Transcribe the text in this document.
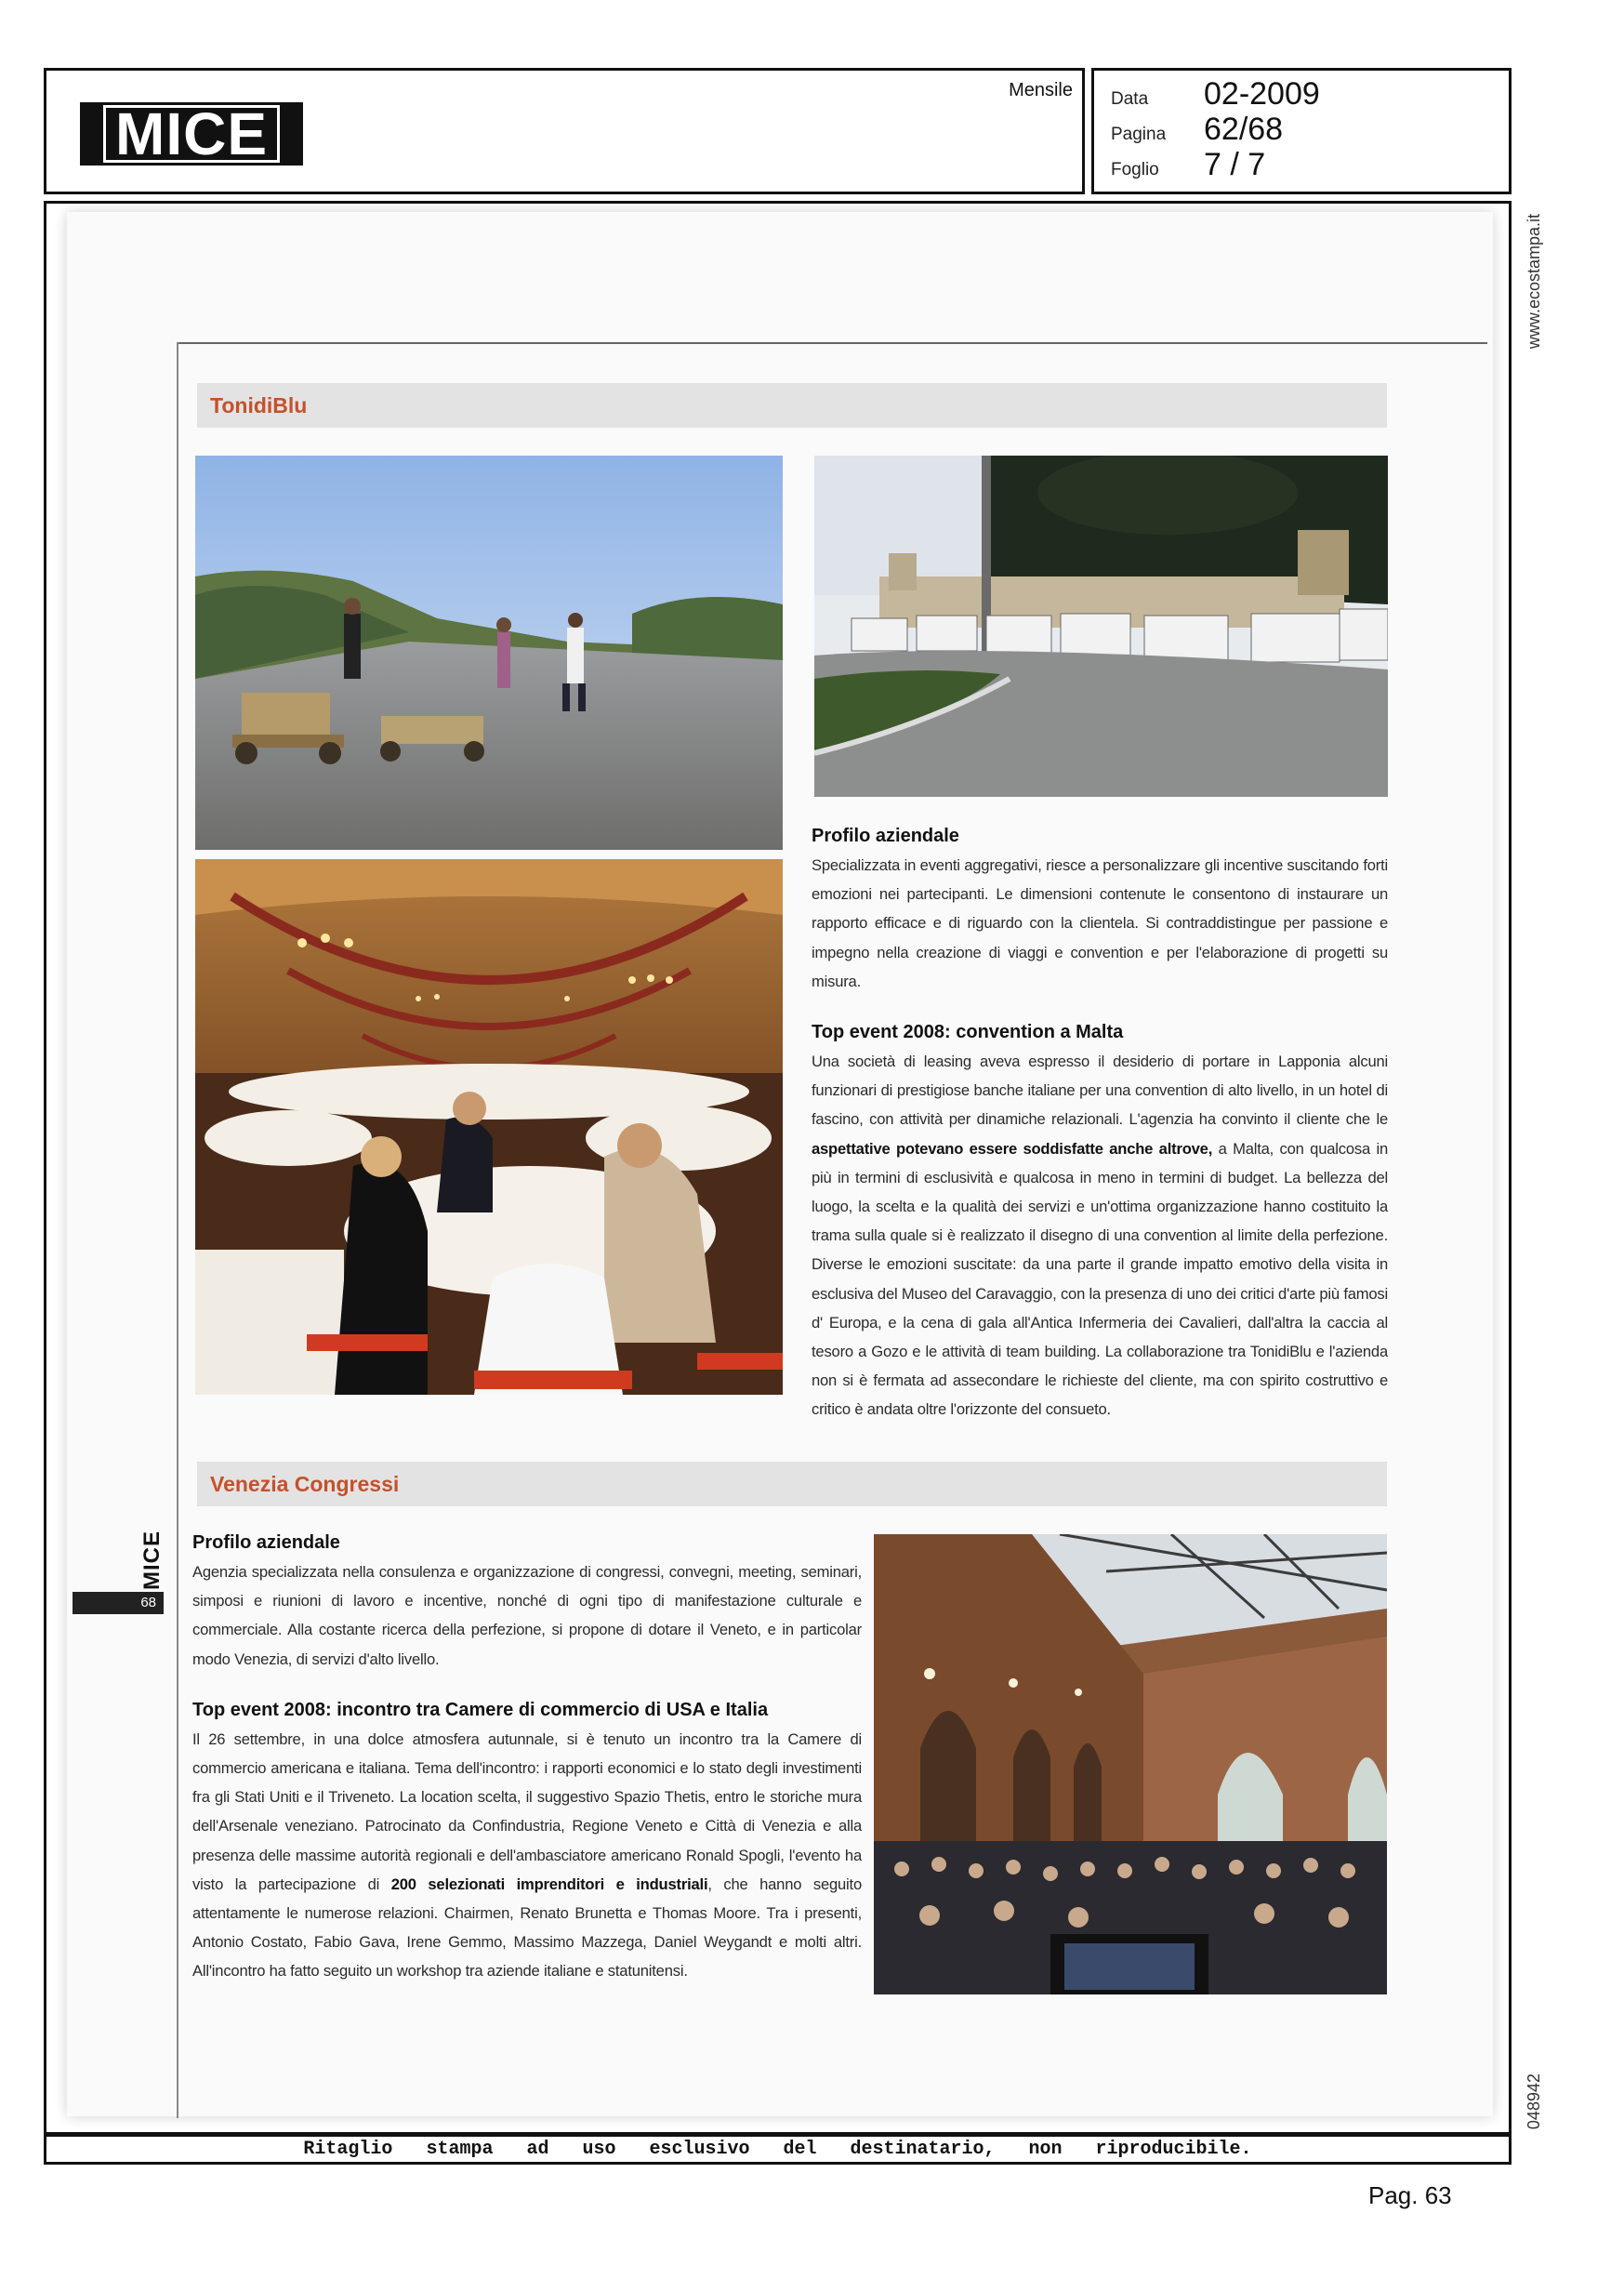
MICE
Mensile Data	02-2009
Pagina	62/68
Foglio	7 / 7
www.ecostampa.it
TonidiBlu
Profilo aziendale

Specializzata in eventi aggregativi, riesce a personalizzare gli incentive suscitando forti emozioni nei partecipanti. Le dimensioni contenute le consentono di instaurare un rapporto efficace e di riguardo con la clientela. Si contraddistingue per passione e impegno nella creazione di viaggi e convention e per l'elaborazione di progetti su misura.

Top event 2008: convention a Malta

Una società di leasing aveva espresso il desiderio di portare in Lapponia alcuni funzionari di prestigiose banche italiane per una convention di alto livello, in un hotel di fascino, con attività per dinamiche relazionali. L'agenzia ha convinto il cliente che le aspettative potevano essere soddisfatte anche altrove, a Malta, con qualcosa in più in termini di esclusività e qualcosa in meno in termini di budget. La bellezza del luogo, la scelta e la qualità dei servizi e un'ottima organizzazione hanno costituito la trama sulla quale si è realizzato il disegno di una convention al limite della perfezione. Diverse le emozioni suscitate: da una parte il grande impatto emotivo della visita in esclusiva del Museo del Caravaggio, con la presenza di uno dei critici d'arte più famosi d' Europa, e la cena di gala all'Antica Infermeria dei Cavalieri, dall'altra la caccia al tesoro a Gozo e le attività di team building. La collaborazione tra TonidiBlu e l'azienda non si è fermata ad assecondare le richieste del cliente, ma con spirito costruttivo e critico è andata oltre l'orizzonte del consueto.

Venezia Congressi
Profilo aziendale

Agenzia specializzata nella consulenza e organizzazione di congressi, convegni, meeting, seminari, simposi e riunioni di lavoro e incentive, nonché di ogni tipo di manifestazione culturale e commerciale. Alla costante ricerca della perfezione, si propone di dotare il Veneto, e in particolar modo Venezia, di servizi d'alto livello.

Top event 2008: incontro tra Camere di commercio di USA e Italia

Il 26 settembre, in una dolce atmosfera autunnale, si è tenuto un incontro tra la Camere di commercio americana e italiana. Tema dell'incontro: i rapporti economici e lo stato degli investimenti fra gli Stati Uniti e il Triveneto. La location scelta, il suggestivo Spazio Thetis, entro le storiche mura dell'Arsenale veneziano. Patrocinato da Confindustria, Regione Veneto e Città di Venezia e alla presenza delle massime autorità regionali e dell'ambasciatore americano Ronald Spogli, l'evento ha visto la partecipazione di 200 selezionati imprenditori e industriali, che hanno seguito attentamente le numerose relazioni. Chairmen, Renato Brunetta e Thomas Moore. Tra i presenti, Antonio Costato, Fabio Gava, Irene Gemmo, Massimo Mazzega, Daniel Weygandt e molti altri. All'incontro ha fatto seguito un workshop tra aziende italiane e statunitensi.

MICE
68
048942
Ritaglio stampa ad uso esclusivo del destinatario, non riproducibile.
Pag. 63
